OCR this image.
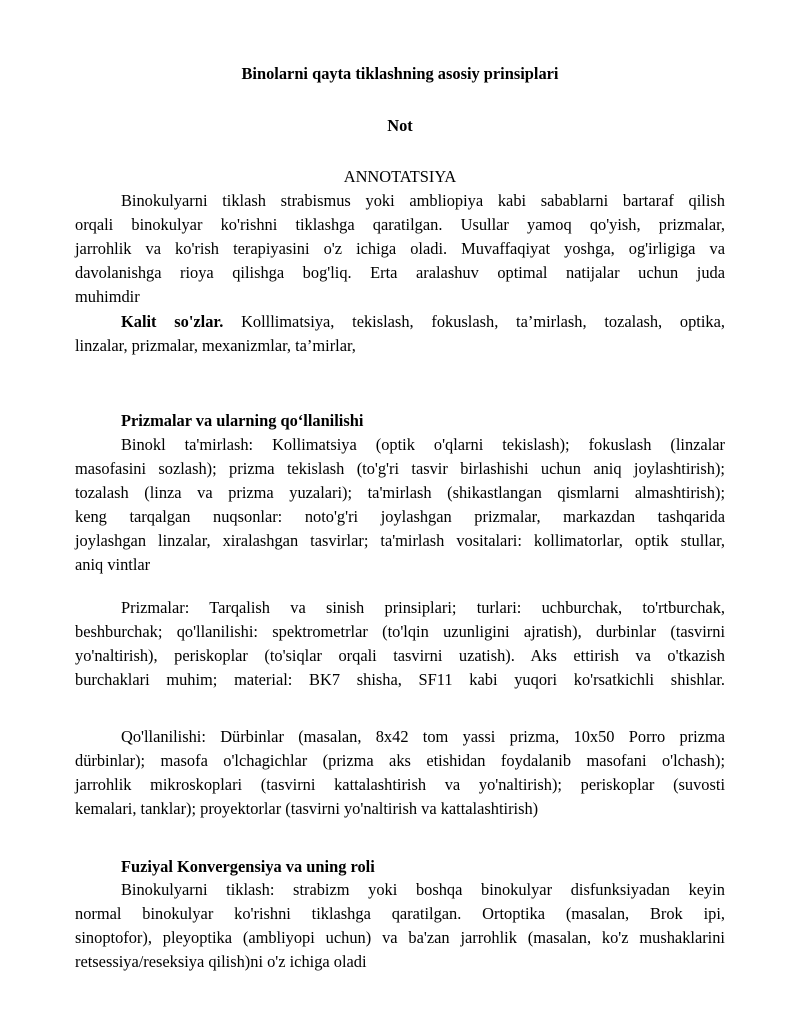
Binolarni qayta tiklashning asosiy prinsiplari
Not
ANNOTATSIYA
Binokulyarni tiklash strabismus yoki ambliopiya kabi sabablarni bartaraf qilish
orqali binokulyar ko'rishni tiklashga qaratilgan. Usullar yamoq qo'yish, prizmalar,
jarrohlik va ko'rish terapiyasini o'z ichiga oladi. Muvaffaqiyat yoshga, og'irligiga va
davolanishga rioya qilishga bog'liq. Erta aralashuv optimal natijalar uchun juda
muhimdir
Kalit so'zlar. Kolllimatsiya, tekislash, fokuslash, ta’mirlash, tozalash, optika,
linzalar, prizmalar, mexanizmlar, ta’mirlar,
Prizmalar va ularning qo‘llanilishi
Binokl ta'mirlash: Kollimatsiya (optik o'qlarni tekislash); fokuslash (linzalar
masofasini sozlash); prizma tekislash (to'g'ri tasvir birlashishi uchun aniq joylashtirish);
tozalash (linza va prizma yuzalari); ta'mirlash (shikastlangan qismlarni almashtirish);
keng tarqalgan nuqsonlar: noto'g'ri joylashgan prizmalar, markazdan tashqarida
joylashgan linzalar, xiralashgan tasvirlar; ta'mirlash vositalari: kollimatorlar, optik stullar,
aniq vintlar
Prizmalar: Tarqalish va sinish prinsiplari; turlari: uchburchak, to'rtburchak,
beshburchak; qo'llanilishi: spektrometrlar (to'lqin uzunligini ajratish), durbinlar (tasvirni
yo'naltirish), periskoplar (to'siqlar orqali tasvirni uzatish). Aks ettirish va o'tkazish
burchaklari muhim; material: BK7 shisha, SF11 kabi yuqori ko'rsatkichli shishlar.
Qo'llanilishi: Dürbinlar (masalan, 8x42 tom yassi prizma, 10x50 Porro prizma
dürbinlar); masofa o'lchagichlar (prizma aks etishidan foydalanib masofani o'lchash);
jarrohlik mikroskoplari (tasvirni kattalashtirish va yo'naltirish); periskoplar (suvosti
kemalari, tanklar); proyektorlar (tasvirni yo'naltirish va kattalashtirish)
Fuziyal Konvergensiya va uning roli
Binokulyarni tiklash: strabizm yoki boshqa binokulyar disfunksiyadan keyin
normal binokulyar ko'rishni tiklashga qaratilgan. Ortoptika (masalan, Brok ipi,
sinoptofor), pleyoptika (ambliyopi uchun) va ba'zan jarrohlik (masalan, ko'z mushaklarini
retsessiya/reseksiya qilish)ni o'z ichiga oladi
